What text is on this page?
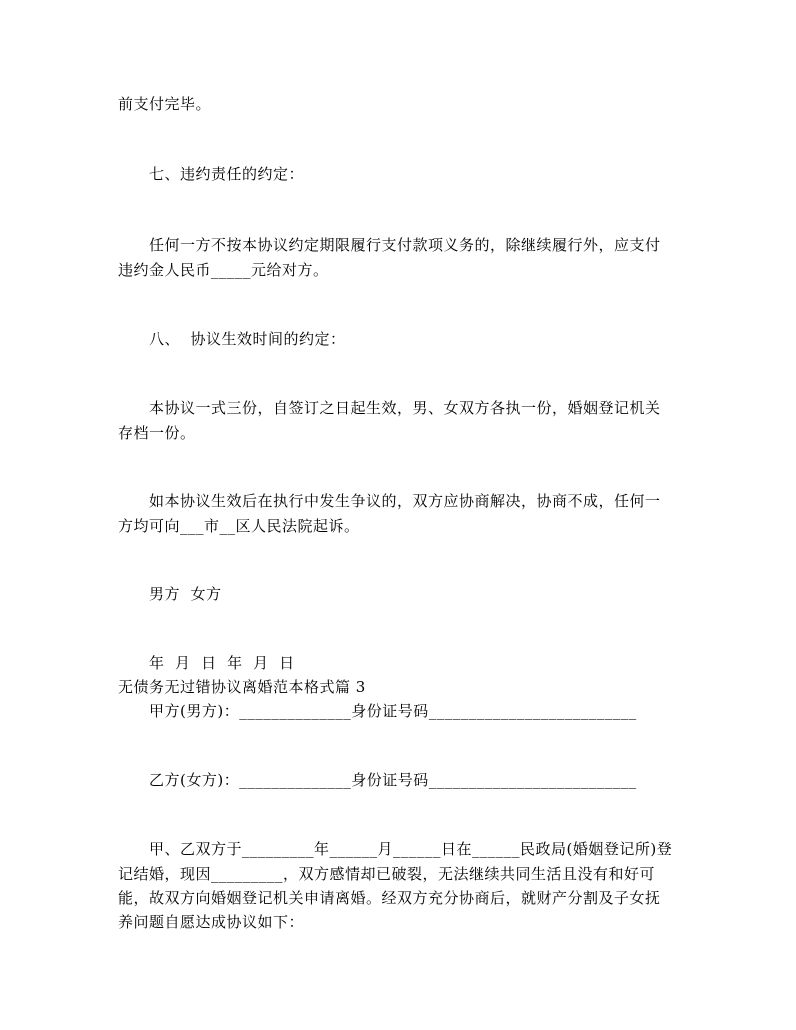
前支付完毕。
七、违约责任的约定：
任何一方不按本协议约定期限履行支付款项义务的，除继续履行外，应支付
违约金人民币_____元给对方。
八、  协议生效时间的约定：
本协议一式三份，自签订之日起生效，男、女双方各执一份，婚姻登记机关
存档一份。
如本协议生效后在执行中发生争议的，双方应协商解决，协商不成，任何一
方均可向___市__区人民法院起诉。
男方  女方
年  月  日  年  月  日
无债务无过错协议离婚范本格式篇 3
甲方(男方)：______________身份证号码__________________________
乙方(女方)：______________身份证号码__________________________
甲、乙双方于_________年______月______日在______民政局(婚姻登记所)登
记结婚，现因_________，双方感情却已破裂，无法继续共同生活且没有和好可
能，故双方向婚姻登记机关申请离婚。经双方充分协商后，就财产分割及子女抚
养问题自愿达成协议如下：
